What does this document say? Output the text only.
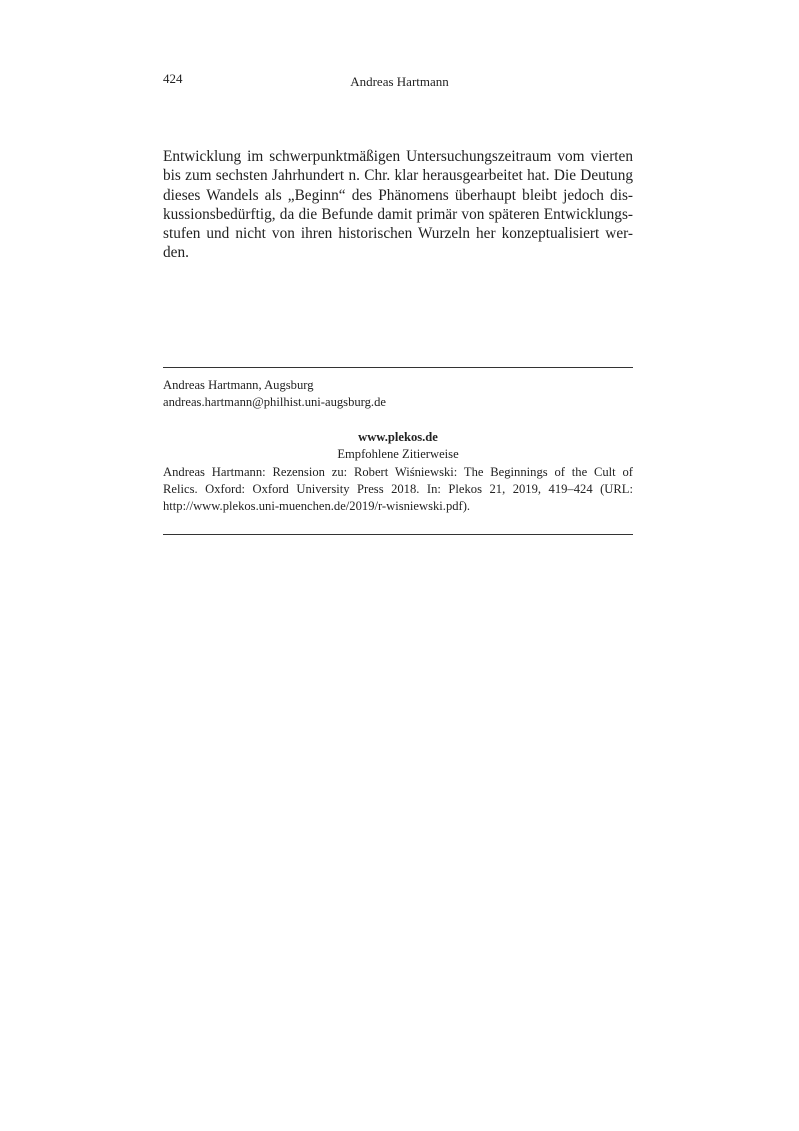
424	Andreas Hartmann
Entwicklung im schwerpunktmäßigen Untersuchungszeitraum vom vierten
bis zum sechsten Jahrhundert n. Chr. klar herausgearbeitet hat. Die Deutung
dieses Wandels als „Beginn“ des Phänomens überhaupt bleibt jedoch dis-
kussionsbedürftig, da die Befunde damit primär von späteren Entwicklungs-
stufen und nicht von ihren historischen Wurzeln her konzeptualisiert wer-
den.
Andreas Hartmann, Augsburg
andreas.hartmann@philhist.uni-augsburg.de
www.plekos.de
Empfohlene Zitierweise
Andreas Hartmann: Rezension zu: Robert Wiśniewski: The Beginnings of the Cult of
Relics. Oxford: Oxford University Press 2018. In: Plekos 21, 2019, 419–424 (URL:
http://www.plekos.uni-muenchen.de/2019/r-wisniewski.pdf).
